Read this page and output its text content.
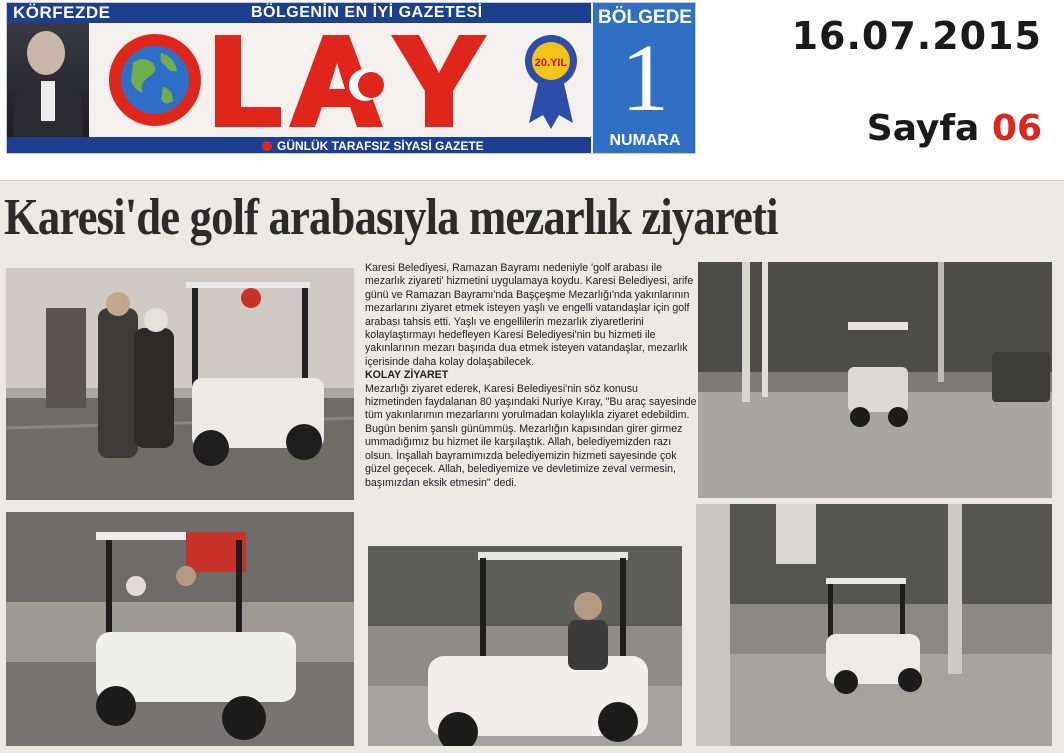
KÖRFEZDE	BÖLGENİN EN İYİ GAZETESİ
20.YIL
GÜNLÜK TARAFSIZ SİYASİ GAZETE
BÖLGEDE
1
NUMARA
16.07.2015
Sayfa 06
Karesi'de golf arabasıyla mezarlık ziyareti

Karesi Belediyesi, Ramazan Bayramı nedeniyle 'golf arabası ile mezarlık ziyareti' hizmetini uygulamaya koydu. Karesi Belediyesi, arife günü ve Ramazan Bayramı'nda Başçeşme Mezarlığı'nda yakınlarının mezarlarını ziyaret etmek isteyen yaşlı ve engelli vatandaşlar için golf arabası tahsis etti. Yaşlı ve engellilerin mezarlık ziyaretlerini kolaylaştırmayı hedefleyen Karesi Belediyesi'nin bu hizmeti ile yakınlarının mezarı başında dua etmek isteyen vatandaşlar, mezarlık içerisinde daha kolay dolaşabilecek.

KOLAY ZİYARET

Mezarlığı ziyaret ederek, Karesi Belediyesi'nin söz konusu hizmetinden faydalanan 80 yaşındaki Nuriye Kıray, "Bu araç sayesinde tüm yakınlarımın mezarlarını yorulmadan kolaylıkla ziyaret edebildim. Bugün benim şanslı günümmüş. Mezarlığın kapısından girer girmez ummadığımız bu hizmet ile karşılaştık. Allah, belediyemizden razı olsun. İnşallah bayramımızda belediyemizin hizmeti sayesinde çok güzel geçecek. Allah, belediyemize ve devletimize zeval vermesin, başımızdan eksik etmesin" dedi.
